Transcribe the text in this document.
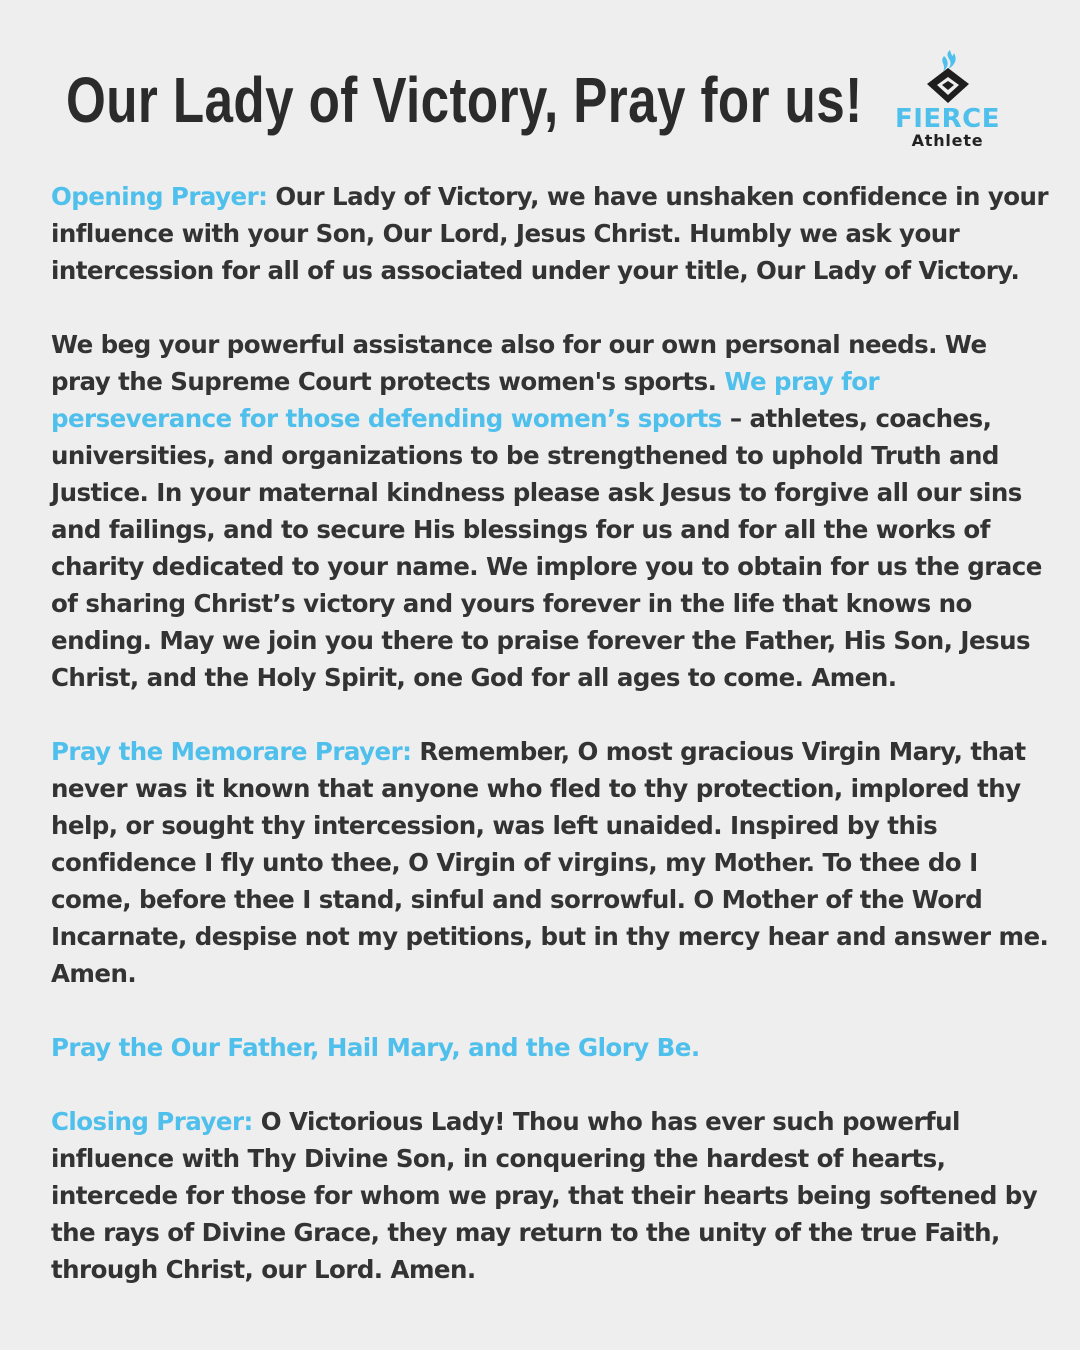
Our Lady of Victory, Pray for us!	FIERCE
Athlete

Opening Prayer: Our Lady of Victory, we have unshaken confidence in your influence with your Son, Our Lord, Jesus Christ. Humbly we ask your intercession for all of us associated under your title, Our Lady of Victory.

We beg your powerful assistance also for our own personal needs. We pray the Supreme Court protects women's sports. We pray for perseverance for those defending women’s sports – athletes, coaches, universities, and organizations to be strengthened to uphold Truth and Justice. In your maternal kindness please ask Jesus to forgive all our sins and failings, and to secure His blessings for us and for all the works of charity dedicated to your name. We implore you to obtain for us the grace of sharing Christ’s victory and yours forever in the life that knows no ending. May we join you there to praise forever the Father, His Son, Jesus Christ, and the Holy Spirit, one God for all ages to come. Amen.

Pray the Memorare Prayer: Remember, O most gracious Virgin Mary, that never was it known that anyone who fled to thy protection, implored thy help, or sought thy intercession, was left unaided. Inspired by this confidence I fly unto thee, O Virgin of virgins, my Mother. To thee do I come, before thee I stand, sinful and sorrowful. O Mother of the Word Incarnate, despise not my petitions, but in thy mercy hear and answer me. Amen.

Pray the Our Father, Hail Mary, and the Glory Be.

Closing Prayer: O Victorious Lady! Thou who has ever such powerful influence with Thy Divine Son, in conquering the hardest of hearts, intercede for those for whom we pray, that their hearts being softened by the rays of Divine Grace, they may return to the unity of the true Faith, through Christ, our Lord. Amen.
